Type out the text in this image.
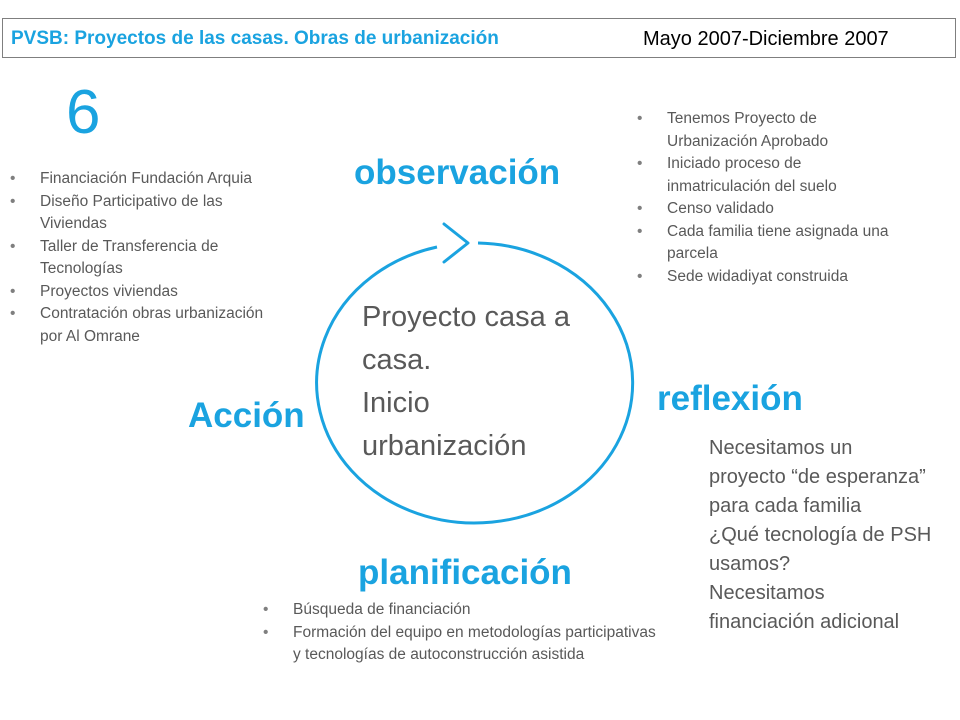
PVSB: Proyectos de las casas. Obras de urbanización	Mayo 2007-Diciembre 2007
6
observación
reflexión
planificación
Acción
Proyecto casa a
casa.
Inicio
urbanización
• Financiación Fundación Arquia
• Diseño Participativo de las Viviendas
• Taller de Transferencia de Tecnologías
• Proyectos viviendas
• Contratación obras urbanización por Al Omrane
• Tenemos Proyecto de Urbanización Aprobado
• Iniciado proceso de inmatriculación del suelo
• Censo validado
• Cada familia tiene asignada una parcela
• Sede widadiyat construida
Necesitamos un
proyecto “de esperanza”
para cada familia
¿Qué tecnología de PSH
usamos?
Necesitamos
financiación adicional
• Búsqueda de financiación
• Formación del equipo en metodologías participativas y tecnologías de autoconstrucción asistida
